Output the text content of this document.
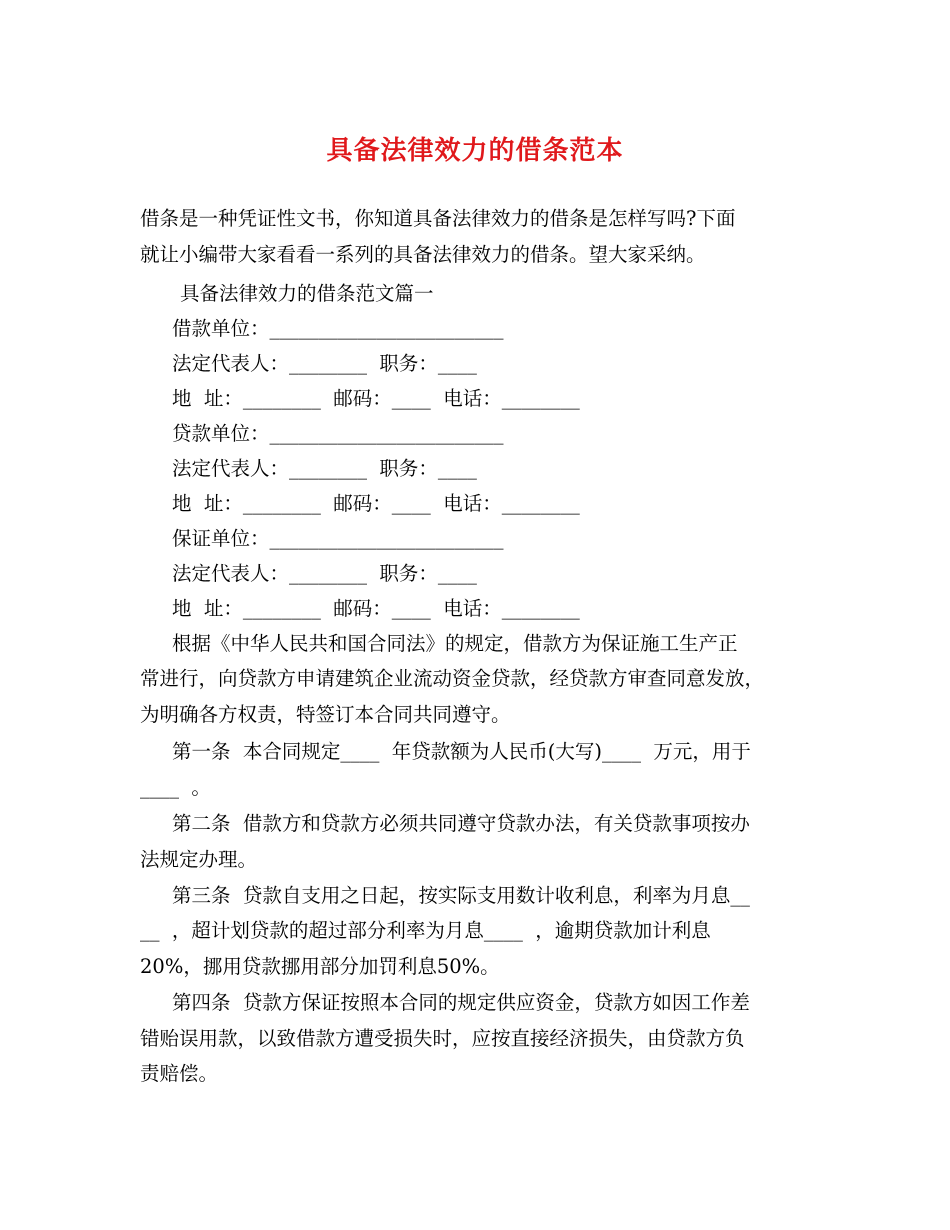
具备法律效力的借条范本
借条是一种凭证性文书，你知道具备法律效力的借条是怎样写吗?下面
就让小编带大家看看一系列的具备法律效力的借条。望大家采纳。
具备法律效力的借条范文篇一
借款单位：________________________
法定代表人：________  职务：____
地  址：________  邮码：____  电话：________
贷款单位：________________________
法定代表人：________  职务：____
地  址：________  邮码：____  电话：________
保证单位：________________________
法定代表人：________  职务：____
地  址：________  邮码：____  电话：________
根据《中华人民共和国合同法》的规定，借款方为保证施工生产正
常进行，向贷款方申请建筑企业流动资金贷款，经贷款方审查同意发放，
为明确各方权责，特签订本合同共同遵守。
第一条  本合同规定____  年贷款额为人民币(大写)____  万元，用于
____  。
第二条  借款方和贷款方必须共同遵守贷款办法，有关贷款事项按办
法规定办理。
第三条  贷款自支用之日起，按实际支用数计收利息，利率为月息__
__  ，超计划贷款的超过部分利率为月息____  ，逾期贷款加计利息
20%，挪用贷款挪用部分加罚利息50%。
第四条  贷款方保证按照本合同的规定供应资金，贷款方如因工作差
错贻误用款，以致借款方遭受损失时，应按直接经济损失，由贷款方负
责赔偿。
